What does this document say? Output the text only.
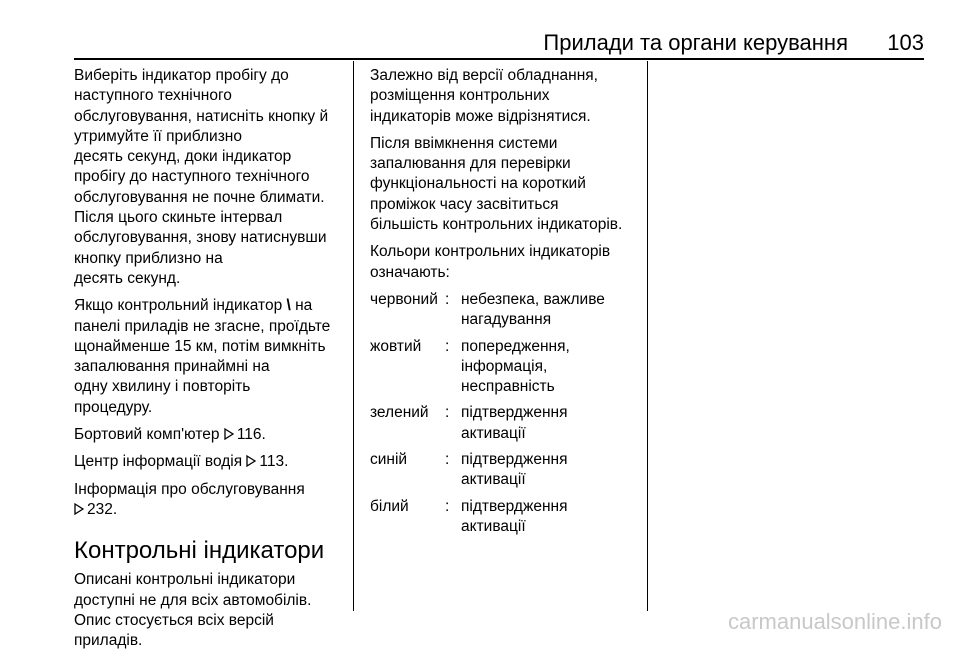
Прилади та органи керування 103

Виберіть індикатор пробігу до
наступного технічного
обслуговування, натисніть кнопку й
утримуйте її приблизно
десять секунд, доки індикатор
пробігу до наступного технічного
обслуговування не почне блимати.
Після цього скиньте інтервал
обслуговування, знову натиснувши
кнопку приблизно на
десять секунд.

Якщо контрольний індикатор \ на
панелі приладів не згасне, проїдьте
щонайменше 15 км, потім вимкніть
запалювання принаймні на
одну хвилину і повторіть
процедуру.

Бортовий комп'ютер
116.

Центр інформації водія
113.

Інформація про обслуговування

232.

Контрольні індикатори

Описані контрольні індикатори
доступні не для всіх автомобілів.
Опис стосується всіх версій
приладів.

Залежно від версії обладнання,
розміщення контрольних
індикаторів може відрізнятися.

Після ввімкнення системи
запалювання для перевірки
функціональності на короткий
проміжок часу засвітиться
більшість контрольних індикаторів.

Кольори контрольних індикаторів
означають:

червоний : небезпека, важливе
нагадування
жовтий	: попередження,
інформація,
несправність
зелений	: підтвердження
активації
синій	: підтвердження
активації
білий	: підтвердження
активації
carmanualsonline.info
